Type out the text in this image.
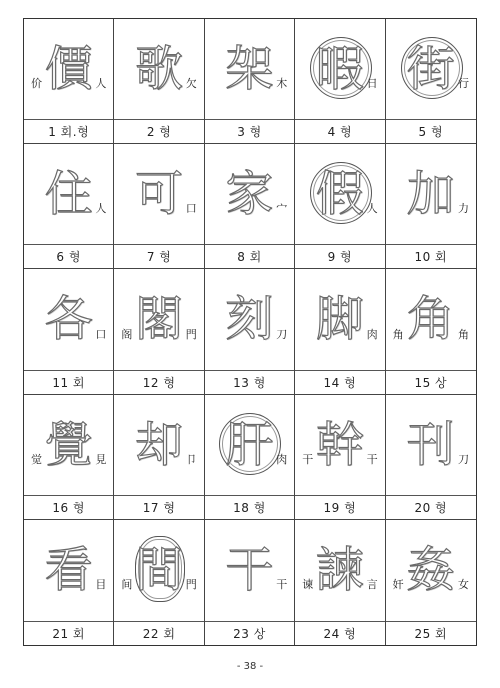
价 價 人
1 회.형
歌 欠
2 형
架 木
3 형
暇 日
4 형
街 行
5 형
住 人
6 형
可 口
7 형
家 宀
8 회
假 人
9 형
加 力
10 회
各 口
11 회
阁 閣 門
12 형
刻 刀
13 형
脚 肉
14 형
角 角 角
15 상
觉 覺 見
16 형
却 卩
17 형
肝 肉
18 형
干 幹 干
19 형
刊 刀
20 형
看 目
21 회
间 間 門
22 회
干 干
23 상
谏 諫 言
24 형
奸 姦 女
25 회
- 38 -
